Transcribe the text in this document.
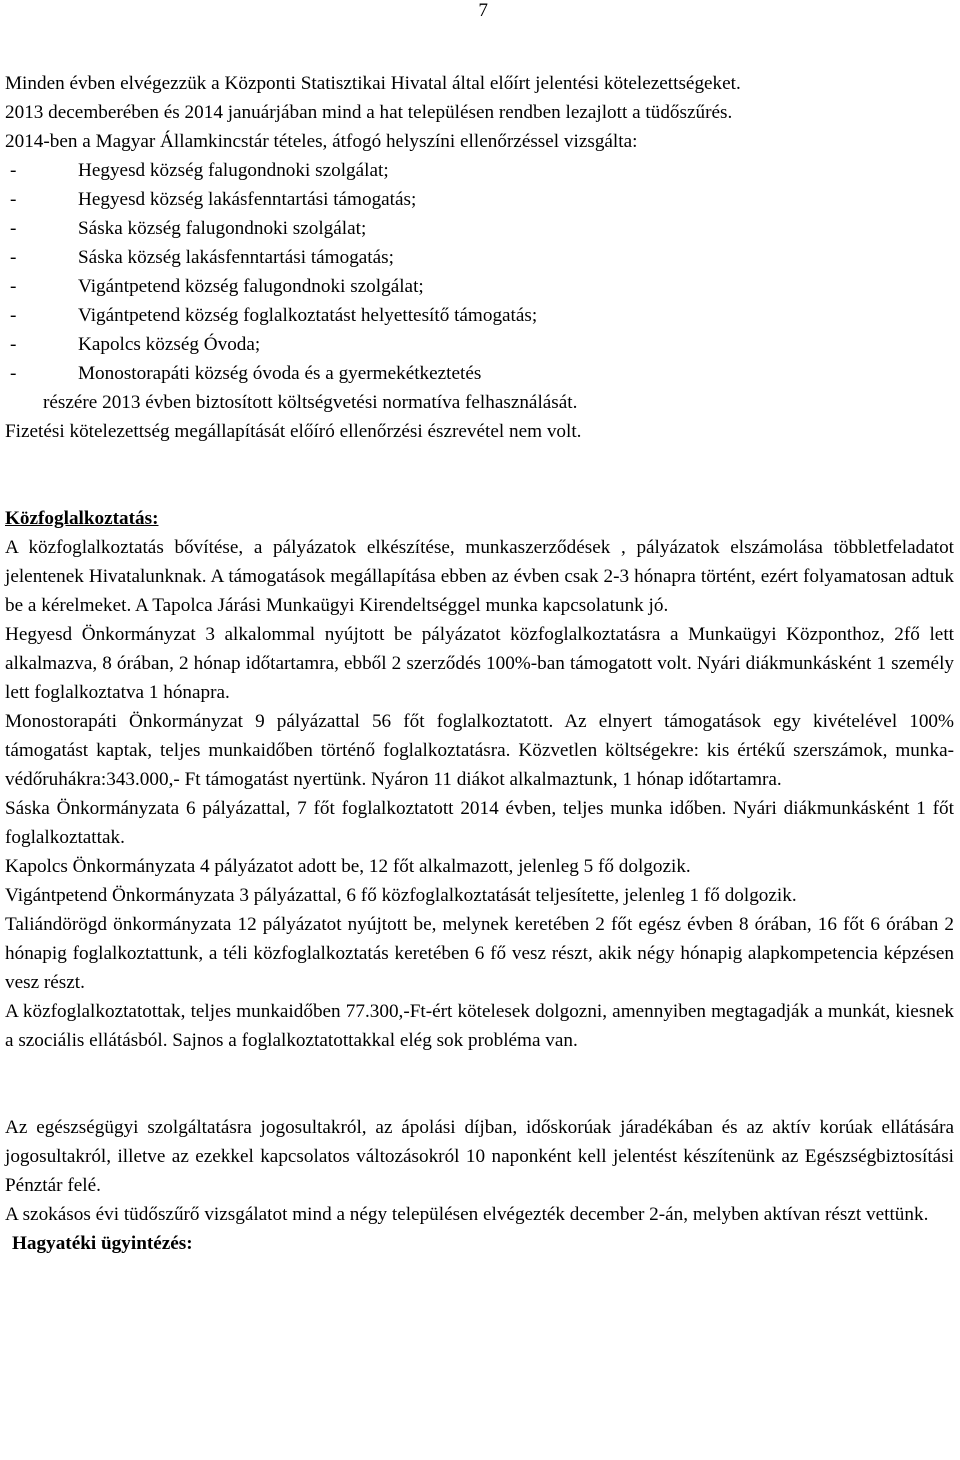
7

Minden évben elvégezzük a Központi Statisztikai Hivatal által előírt jelentési kötelezettségeket.

2013 decemberében és 2014 januárjában mind a hat településen rendben lezajlott a tüdőszűrés.

2014-ben a Magyar Államkincstár tételes, átfogó helyszíni ellenőrzéssel vizsgálta:

-	Hegyesd község falugondnoki szolgálat;
-	Hegyesd község lakásfenntartási támogatás;
-	Sáska község falugondnoki szolgálat;
-	Sáska község lakásfenntartási támogatás;
-	Vigántpetend község falugondnoki szolgálat;
-	Vigántpetend község foglalkoztatást helyettesítő támogatás;
-	Kapolcs község Óvoda;
-	Monostorapáti község óvoda és a gyermekétkeztetés

részére 2013 évben biztosított költségvetési normatíva felhasználását.

Fizetési kötelezettség megállapítását előíró ellenőrzési észrevétel nem volt.

Közfoglalkoztatás:

A közfoglalkoztatás bővítése, a pályázatok elkészítése, munkaszerződések , pályázatok elszámolása többletfeladatot jelentenek Hivatalunknak. A támogatások megállapítása ebben az évben csak 2-3 hónapra történt, ezért folyamatosan adtuk be a kérelmeket. A Tapolca Járási Munkaügyi Kirendeltséggel munka kapcsolatunk jó.

Hegyesd Önkormányzat 3 alkalommal nyújtott be pályázatot közfoglalkoztatásra a Munkaügyi Központhoz, 2fő lett alkalmazva, 8 órában, 2 hónap időtartamra, ebből 2 szerződés 100%-ban támogatott volt. Nyári diákmunkásként 1 személy lett foglalkoztatva 1 hónapra.

Monostorapáti Önkormányzat 9 pályázattal 56 főt foglalkoztatott. Az elnyert támogatások egy kivételével 100% támogatást kaptak, teljes munkaidőben történő foglalkoztatásra. Közvetlen költségekre: kis értékű szerszámok, munka- védőruhákra:343.000,- Ft támogatást nyertünk. Nyáron 11 diákot alkalmaztunk, 1 hónap időtartamra.

Sáska Önkormányzata 6 pályázattal, 7 főt foglalkoztatott 2014 évben, teljes munka időben. Nyári diákmunkásként 1 főt foglalkoztattak.

Kapolcs Önkormányzata 4 pályázatot adott be, 12 főt alkalmazott, jelenleg 5 fő dolgozik.

Vigántpetend Önkormányzata 3 pályázattal, 6 fő közfoglalkoztatását teljesítette, jelenleg 1 fő dolgozik.

Taliándörögd önkormányzata 12 pályázatot nyújtott be, melynek keretében 2 főt egész évben 8 órában, 16 főt 6 órában 2 hónapig foglalkoztattunk, a téli közfoglalkoztatás keretében 6 fő vesz részt, akik négy hónapig alapkompetencia képzésen vesz részt.

A közfoglalkoztatottak, teljes munkaidőben 77.300,-Ft-ért kötelesek dolgozni, amennyiben megtagadják a munkát, kiesnek a szociális ellátásból. Sajnos a foglalkoztatottakkal elég sok probléma van.

Az egészségügyi szolgáltatásra jogosultakról, az ápolási díjban, időskorúak járadékában és az aktív korúak ellátására jogosultakról, illetve az ezekkel kapcsolatos változásokról 10 naponként kell jelentést készítenünk az Egészségbiztosítási Pénztár felé.

A szokásos évi tüdőszűrő vizsgálatot mind a négy településen elvégezték december 2-án, melyben aktívan részt vettünk.

Hagyatéki ügyintézés:
